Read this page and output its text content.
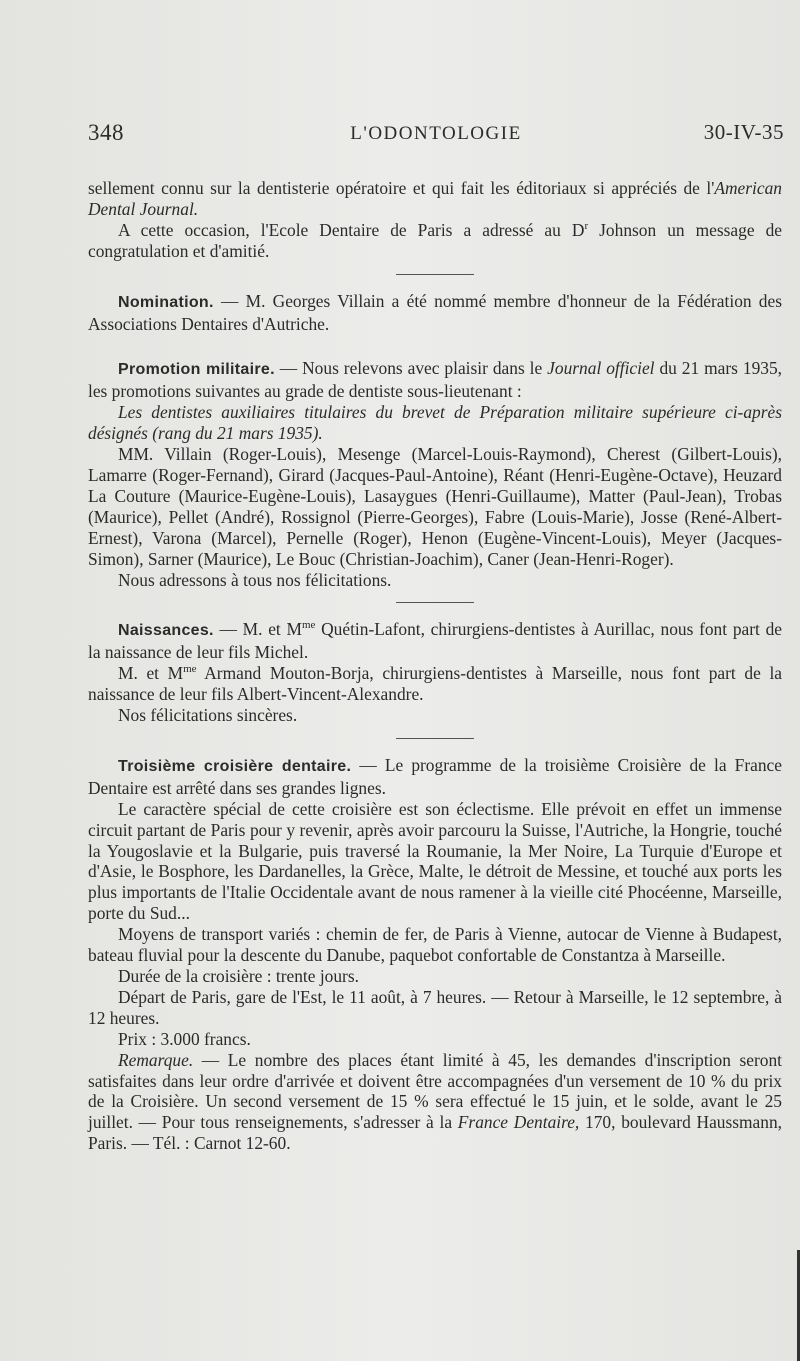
348	L'ODONTOLOGIE	30-IV-35

sellement connu sur la dentisterie opératoire et qui fait les éditoriaux si appréciés de l'American Dental Journal.

A cette occasion, l'Ecole Dentaire de Paris a adressé au $D^r$ Johnson un message de congratulation et d'amitié.

Nomination. — M. Georges Villain a été nommé membre d'honneur de la Fédération des Associations Dentaires d'Autriche.

Promotion militaire. — Nous relevons avec plaisir dans le Journal officiel du 21 mars 1935, les promotions suivantes au grade de dentiste sous-lieutenant :

Les dentistes auxiliaires titulaires du brevet de Préparation militaire supérieure ci-après désignés (rang du 21 mars 1935).

MM. Villain (Roger-Louis), Mesenge (Marcel-Louis-Raymond), Cherest (Gilbert-Louis), Lamarre (Roger-Fernand), Girard (Jacques-Paul-Antoine), Réant (Henri-Eugène-Octave), Heuzard La Couture (Maurice-Eugène-Louis), Lasaygues (Henri-Guillaume), Matter (Paul-Jean), Trobas (Maurice), Pellet (André), Rossignol (Pierre-Georges), Fabre (Louis-Marie), Josse (René-Albert-Ernest), Varona (Marcel), Pernelle (Roger), Henon (Eugène-Vincent-Louis), Meyer (Jacques-Simon), Sarner (Maurice), Le Bouc (Christian-Joachim), Caner (Jean-Henri-Roger).

Nous adressons à tous nos félicitations.

Naissances. — M. et $M^{me}$ Quétin-Lafont, chirurgiens-dentistes à Aurillac, nous font part de la naissance de leur fils Michel.

M. et $M^{me}$ Armand Mouton-Borja, chirurgiens-dentistes à Marseille, nous font part de la naissance de leur fils Albert-Vincent-Alexandre.

Nos félicitations sincères.

Troisième croisière dentaire. — Le programme de la troisième Croisière de la France Dentaire est arrêté dans ses grandes lignes.

Le caractère spécial de cette croisière est son éclectisme. Elle prévoit en effet un immense circuit partant de Paris pour y revenir, après avoir parcouru la Suisse, l'Autriche, la Hongrie, touché la Yougoslavie et la Bulgarie, puis traversé la Roumanie, la Mer Noire, La Turquie d'Europe et d'Asie, le Bosphore, les Dardanelles, la Grèce, Malte, le détroit de Messine, et touché aux ports les plus importants de l'Italie Occidentale avant de nous ramener à la vieille cité Phocéenne, Marseille, porte du Sud...

Moyens de transport variés : chemin de fer, de Paris à Vienne, autocar de Vienne à Budapest, bateau fluvial pour la descente du Danube, paquebot confortable de Constantza à Marseille.

Durée de la croisière : trente jours.

Départ de Paris, gare de l'Est, le 11 août, à 7 heures. — Retour à Marseille, le 12 septembre, à 12 heures.

Prix : 3.000 francs.

Remarque. — Le nombre des places étant limité à 45, les demandes d'inscription seront satisfaites dans leur ordre d'arrivée et doivent être accompagnées d'un versement de 10 % du prix de la Croisière. Un second versement de 15 % sera effectué le 15 juin, et le solde, avant le 25 juillet. — Pour tous renseignements, s'adresser à la France Dentaire, 170, boulevard Haussmann, Paris. — Tél. : Carnot 12-60.
